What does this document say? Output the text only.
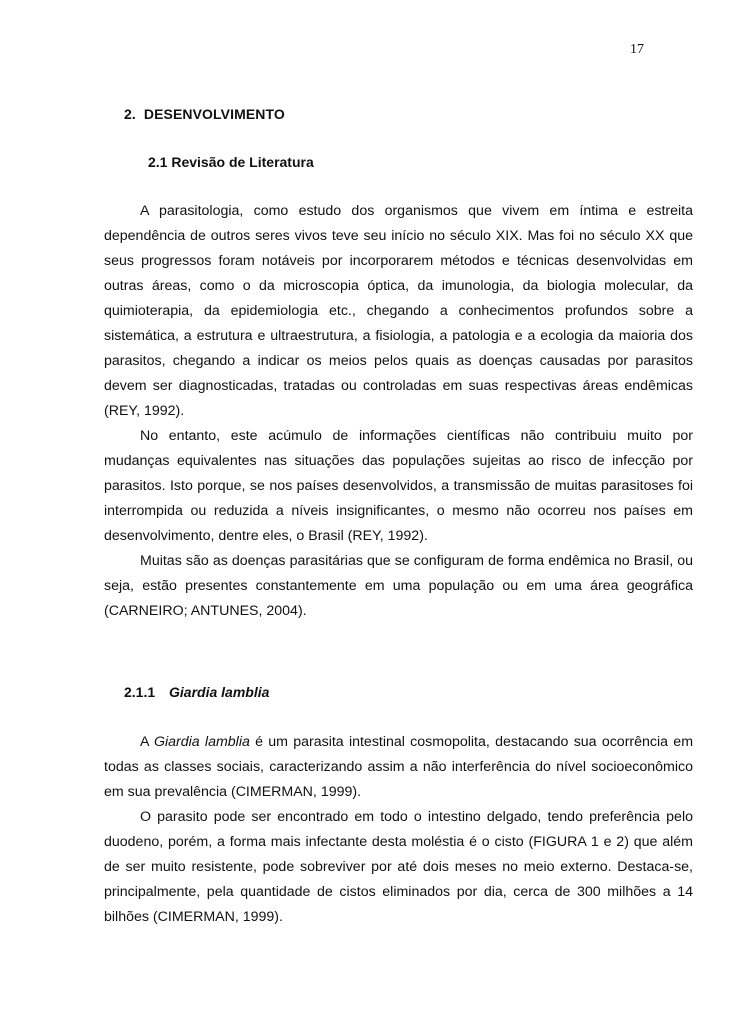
17
2. DESENVOLVIMENTO
2.1 Revisão de Literatura

A parasitologia, como estudo dos organismos que vivem em íntima e estreita dependência de outros seres vivos teve seu início no século XIX. Mas foi no século XX que seus progressos foram notáveis por incorporarem métodos e técnicas desenvolvidas em outras áreas, como o da microscopia óptica, da imunologia, da biologia molecular, da quimioterapia, da epidemiologia etc., chegando a conhecimentos profundos sobre a sistemática, a estrutura e ultraestrutura, a fisiologia, a patologia e a ecologia da maioria dos parasitos, chegando a indicar os meios pelos quais as doenças causadas por parasitos devem ser diagnosticadas, tratadas ou controladas em suas respectivas áreas endêmicas (REY, 1992).

No entanto, este acúmulo de informações científicas não contribuiu muito por mudanças equivalentes nas situações das populações sujeitas ao risco de infecção por parasitos. Isto porque, se nos países desenvolvidos, a transmissão de muitas parasitoses foi interrompida ou reduzida a níveis insignificantes, o mesmo não ocorreu nos países em desenvolvimento, dentre eles, o Brasil (REY, 1992).

Muitas são as doenças parasitárias que se configuram de forma endêmica no Brasil, ou seja, estão presentes constantemente em uma população ou em uma área geográfica (CARNEIRO; ANTUNES, 2004).

2.1.1 Giardia lamblia

A Giardia lamblia é um parasita intestinal cosmopolita, destacando sua ocorrência em todas as classes sociais, caracterizando assim a não interferência do nível socioeconômico em sua prevalência (CIMERMAN, 1999).

O parasito pode ser encontrado em todo o intestino delgado, tendo preferência pelo duodeno, porém, a forma mais infectante desta moléstia é o cisto (FIGURA 1 e 2) que além de ser muito resistente, pode sobreviver por até dois meses no meio externo. Destaca-se, principalmente, pela quantidade de cistos eliminados por dia, cerca de 300 milhões a 14 bilhões (CIMERMAN, 1999).
